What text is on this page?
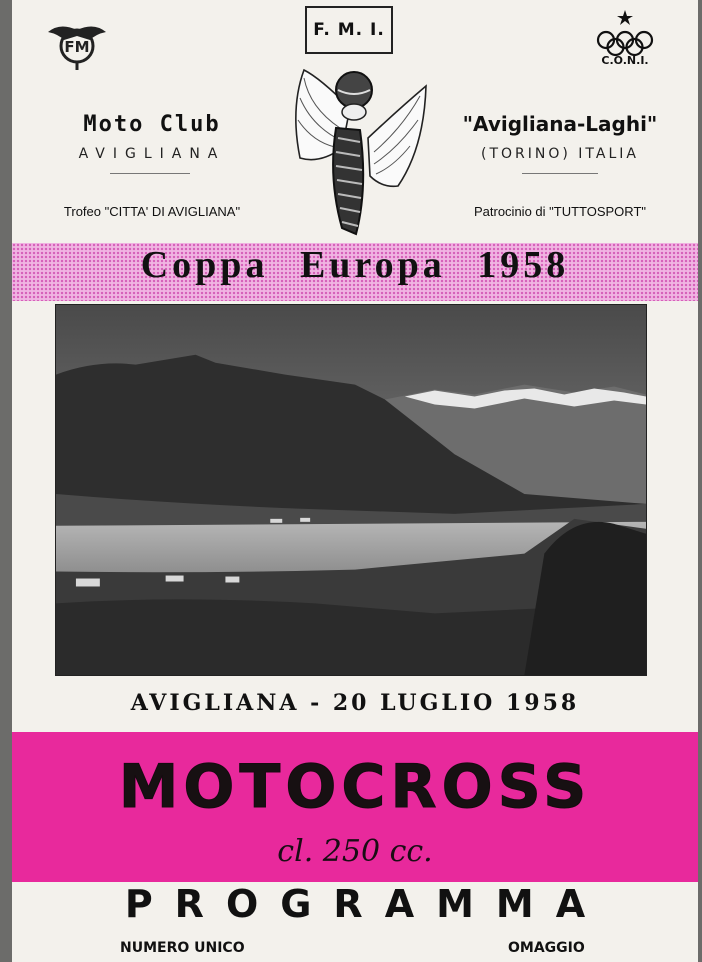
FM
F. M. I.
C.O.N.I.
Moto Club
AVIGLIANA
Trofeo "CITTA' DI AVIGLIANA"
"Avigliana-Laghi"
(TORINO) ITALIA
Patrocinio di "TUTTOSPORT"
Coppa Europa 1958
AVIGLIANA - 20 LUGLIO 1958
MOTOCROSS
cl. 250 cc.
PROGRAMMA
NUMERO UNICO	OMAGGIO
